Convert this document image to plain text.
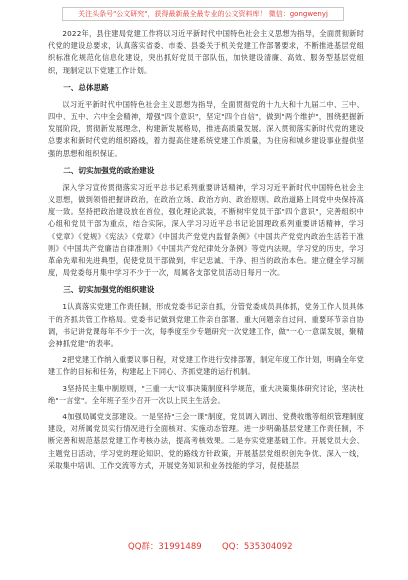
关注头条号"公文研究"，获得最新最全最专业的公文资料库！ 微信：gongwenyj

2022年，县住建局党建工作将以习近平新时代中国特色社会主义思想为指导，全面贯彻新时代党的建设总要求，认真落实省委、市委、县委关于机关党建工作部署要求，不断推进基层党组织标准化规范化信息化建设，突出抓好党员干部队伍，加快建设清廉、高效、服务型基层党组织，现制定以下党建工作计划。

一、总体思路

以习近平新时代中国特色社会主义思想为指导，全面贯彻党的十九大和十九届二中、三中、四中、五中、六中全会精神，增强"四个意识"，坚定"四个自信"，做到"两个维护"，围绕把握新发展阶段，贯彻新发展理念，构建新发展格局，推进高质量发展。深入贯彻落实新时代党的建设总要求和新时代党的组织路线，着力提高住建系统党建工作质量，为住房和城乡建设事业提供坚强的思想和组织保证。

二、切实加强党的政治建设

深入学习宣传贯彻落实习近平总书记系列重要讲话精神，学习习近平新时代中国特色社会主义思想，做到领悟把握讲政治，在政治立场、政治方向、政治原则、政治道路上同党中央保持高度一致。坚持把政治建设放在首位，强化理论武装，不断树牢党员干部"四个意识"，完善组织中心组和党员干部为重点，结合实际，深入学习习近平总书记论国理政系列重要讲话精神，学习《党章》《党规》《宪法》《党章》《中国共产党党内监督条例》《中国共产党党内政治生活若干准则》《中国共产党廉洁自律准则》《中国共产党纪律处分条例》等党内法规，学习党的历史，学习革命先辈和先进典型，促使党员干部做到，牢记忠诚、干净、担当的政治本色。建立健全学习制度，局党委每月集中学习不少于一次，局属各支部党员活动日每月一次。

三、切实加强党的组织建设

1认真落实党建工作责任制，形成党委书记亲自抓，分管党委成员具体抓，党务工作人员具体干的齐抓共管工作格局。党委书记做到党建工作亲自部署、重大问题亲自过问、重要环节亲自协调，书记讲党课每年不少于一次，每季度至少专题研究一次党建工作，做"一心一意谋发展，聚精会神抓党建"的表率。

2把党建工作纳入重要议事日程，对党建工作进行安排部署，制定年度工作计划，明确全年党建工作的目标和任务，构建起上下同心、齐抓党建的运行机制。

3坚持民主集中制原则，"三重一大"议事决策制度科学规范，重大决策集体研究讨论，坚决杜绝"一言堂"。全年班子至少召开一次以上民主生活会。

4加强局属党支部建设。一是坚持"三会一课"制度，党员调入调出、党费收缴等组织管理制度建设，对所属党员实行情况进行全面核对、实施动态管理。进一步明确基层党建工作责任制，不断完善和规范基层党建工作考核办法，提高考核效果。二是夯实党建基础工作。开展党员大会、主题党日活动，学习党的理论知识、党的路线方针政策，开展基层党组织创先争优、深入一线，采取集中培训、工作交流等方式，开展党务知识和业务技能的学习，促使基层

QQ群：31991489 QQ：535304092
